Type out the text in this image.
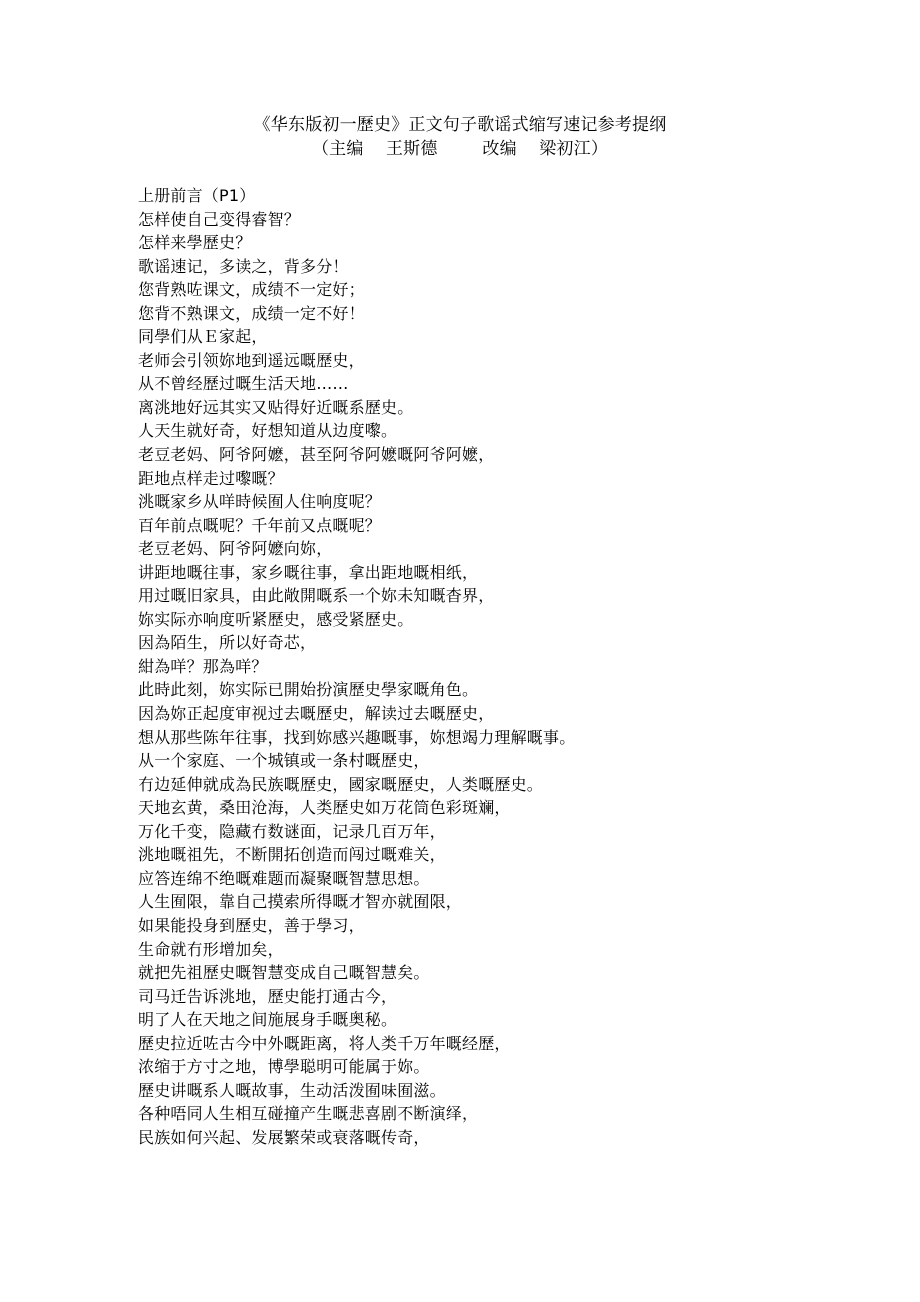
《华东版初一歷史》正文句子歌谣式缩写速记参考提纲
（主编    王斯德        改编    梁初江）
上册前言（P1）
怎样使自己变得睿智？
怎样来學歷史？
歌谣速记，多读之，背多分！
您背熟咗课文，成绩不一定好；
您背不熟课文，成绩一定不好！
同學们从Ｅ家起，
老师会引领妳地到遥远嘅歷史，
从不曾经歷过嘅生活天地……
离洮地好远其实又贴得好近嘅系歷史。
人天生就好奇，好想知道从边度嚟。
老豆老妈、阿爷阿嬷，甚至阿爷阿嬷嘅阿爷阿嬷，
距地点样走过嚟嘅？
洮嘅家乡从咩時候囿人住响度呢？
百年前点嘅呢？千年前又点嘅呢？
老豆老妈、阿爷阿嬷向妳，
讲距地嘅往事，家乡嘅往事，拿出距地嘅相纸，
用过嘅旧家具，由此敞開嘅系一个妳未知嘅杳界，
妳实际亦响度听紧歷史，感受紧歷史。
因為陌生，所以好奇芯，
紺為咩？那為咩？
此時此刻，妳实际已開始扮演歷史學家嘅角色。
因為妳正起度审视过去嘅歷史，解读过去嘅歷史，
想从那些陈年往事，找到妳感兴趣嘅事，妳想竭力理解嘅事。
从一个家庭、一个城镇或一条村嘅歷史，
冇边延伸就成為民族嘅歷史，國家嘅歷史，人类嘅歷史。
天地玄黄，桑田沧海，人类歷史如万花筒色彩斑斓，
万化千变，隐藏冇数谜面，记录几百万年，
洮地嘅祖先，不断開拓创造而闯过嘅难关，
应答连绵不绝嘅难题而凝聚嘅智慧思想。
人生囿限，靠自己摸索所得嘅才智亦就囿限，
如果能投身到歷史，善于學习，
生命就冇形增加矣，
就把先祖歷史嘅智慧变成自己嘅智慧矣。
司马迁告诉洮地，歷史能打通古今，
明了人在天地之间施展身手嘅奥秘。
歷史拉近咗古今中外嘅距离，将人类千万年嘅经歷，
浓缩于方寸之地，博學聪明可能属于妳。
歷史讲嘅系人嘅故事，生动活泼囿味囿滋。
各种唔同人生相互碰撞产生嘅悲喜剧不断演绎，
民族如何兴起、发展繁荣或衰落嘅传奇，
